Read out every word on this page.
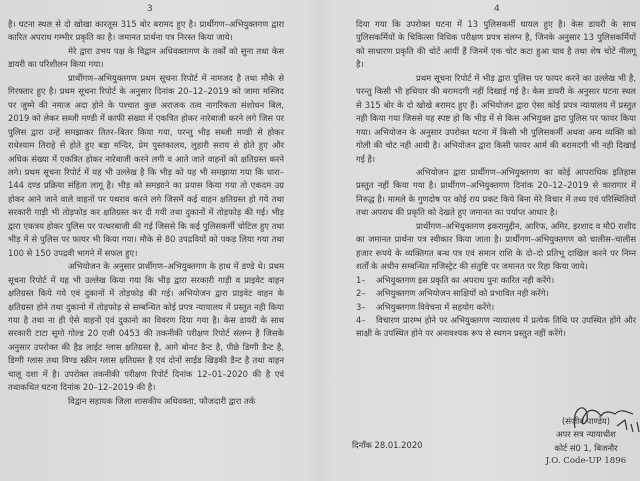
3

है। घटना स्थल से दो खोखा कारतूस 315 बोर बरामद हुए है। प्रार्थीगण–अभियुक्तगण द्वारा कारित अपराध गम्भीर प्रकृति का है। जमानत प्रार्थना पत्र निरस्त किया जाये।

मेरे द्वारा उभय पक्ष के विद्वान अधिवक्तागण के तर्कों को सुना तथा केस डायरी का परिशीलन किया गया।

प्रार्थीगण–अभियुक्तगण प्रथम सूचना रिपोर्ट में नामजद है तथा मौके से गिरफ्तार हुए है। प्रथम सूचना रिपोर्ट के अनुसार दिनांक 20–12–2019 को जामा मस्जिद पर जुम्मे की नमाज अदा होने के पश्चात कुछ अराजक तत्व नागरिकता संशोधन बिल, 2019 को लेकर सब्जी मण्डी में काफी संख्या में एकत्रित होकर नारेबाजी करने लगे जिस पर पुलिस द्वारा उन्हें समझाकर तितर–बितर किया गया, परन्तु भीड़ सब्जी मण्डी से होकर राधेश्याम तिराहे से होते हुए बड़ा मन्दिर, प्रेम पुस्तकालय, लुहारी सराय से होते हुए और अधिक संख्या में एकत्रित होकर नारेबाजी करने लगी व आते जाते वाहनों को क्षतिग्रस्त करने लगे। प्रथम सूचना रिपोर्ट में यह भी उल्लेख है कि भीड़ को यह भी समझाया गया कि धारा–144 दण्ड प्रक्रिया संहिता लागू है। भीड़ को समझाने का प्रयास किया गया तो एकदम उग्र होकर आने जाने वाले वाहनों पर पथराव करने लगे जिसमें कई वाहन क्षतिग्रस्त हो गये तथा सरकारी गाड़ी भी तोड़फोड़ कर क्षतिग्रस्त कर दी गयी तथा दुकानों में तोड़फोड़ की गई। भीड़ द्वारा एकत्रय होकर पुलिस पर पत्थरबाजी की गई जिससे कि कई पुलिसकर्मी चोटिल हुए तथा भीड़ में से पुलिस पर फायर भी किया गया। मौके से 80 उपद्रवियों को पकड़ लिया गया तथा 100 से 150 उपद्रवी भागने में सफल हुए।

अभियोजन के अनुसार प्रार्थीगण–अभियुक्तगण के हाथ में डण्डे थे। प्रथम सूचना रिपोर्ट में यह भी उल्लेख किया गया कि भीड़ द्वारा सरकारी गाड़ी व प्राइवेट वाहन क्षतिग्रस्त किये गये एवं दुकानों में तोड़फोड़ की गई। अभियोजन द्वारा प्राइवेट वाहन के क्षतिग्रस्त होने तथा दुकानो में तोड़फोड़ से सम्बन्धित कोई प्रपत्र न्यायालय में प्रस्तुत नही किया गया है तथा ना ही ऐसे वाहनों एवं दुकानो का विवरण दिया गया है। केस डायरी के साथ सरकारी टाटा सूमो गोल्ड 20 एजी 0453 की तकनीकी परीक्षण रिपोर्ट संलग्न है जिसके अनुसार उपरोक्त की हैड लाईट ग्लास क्षतिग्रस्त है, आगे बोनट डैन्ट है, पीछे डिग्गी डैन्ट है, डिग्गी ग्लास तथा विण्ड स्क्रीन ग्लास क्षतिग्रस्त है एवं दोनों साईड खिड़की डैन्ट है तथा वाहन चालू दशा में है। उपरोक्त तकनीकी परीक्षण रिपोर्ट दिनांक 12–01–2020 की है एवं तथाकथित घटना दिनांक 20–12–2019 की है।

विद्वान सहायक जिला शासकीय अधिवक्ता, फौजदारी द्वारा तर्क

4

दिया गया कि उपरोक्त घटना में 13 पुलिसकर्मी घायल हुए है। केस डायरी के साथ पुलिसकर्मियों के चिकित्सा विधिक परीक्षण प्रपत्र संलग्न है, जिनके अनुसार 13 पुलिसकर्मियों को साधारण प्रकृति की चोटें आयीं हैं जिनमें एक चोट कटा हुआ घाव है तथा शेष चोटें नीलगू है।

प्रथम सूचना रिपोर्ट में भीड़ द्वारा पुलिस पर फायर करने का उल्लेख भी है, परन्तु किसी भी हथियार की बरामदगी नहीं दिखाई गई है। केस डायरी के अनुसार घटना स्थल से 315 बोर के दो खोखे बरामद हुए हैं। अभियोजन द्वारा ऐसा कोई प्रपत्र न्यायालय में प्रस्तुत नही किया गया जिससे यह स्पष्ट हो कि भीड़ में से किस अभियुक्त द्वारा पुलिस पर फायर किया गया। अभियोजन के अनुसार उपरोक्त घटना में किसी भी पुलिसकर्मी अथवा अन्य व्यक्ति को गोली की चोट नही आयी है। अभियोजन द्वारा किसी फायर आर्म की बरामदगी भी नही दिखाई गई है।

अभियोजन द्वारा प्रार्थीगण–अभियुक्तगण का कोई आपराधिक इतिहास प्रस्तुत नहीं किया गया है। प्रार्थीगण–अभियुक्तगण दिनांक 20–12–2019 से कारागार में निरुद्ध है। मामले के गुणदोष पर कोई राय प्रकट किये बिना मेरे विचार में तथ्य एवं परिस्थितियों तथा अपराध की प्रकृति को देखते हुए जमानत का पर्याप्त आधार है।

प्रार्थीगण–अभियुक्तगण इकरामुद्दीन, आरिफ, अमिर, इरशाद व मौ0 राशीद का जमानत प्रार्थना पत्र स्वीकार किया जाता है। प्रार्थीगण–अभियुक्तगण को चालीस–चालीस हजार रूपये के व्यक्तिगत बन्ध पत्र एवं समान राशि के दो–दो प्रतिभू दाखिल करने पर निम्न शर्तों के अधीन सम्बन्धित मजिस्ट्रेट की संतुष्टि पर जमानत पर रिहा किया जाये।

1– अभियुक्तगण इस प्रकृति का अपराध पुनः कारित नही करेंगे।

2– अभियुक्तगण अभियोजन साक्षियों को प्रभावित नही करेंगे।

3– अभियुक्तगण विवेचना में सहयोग करेंगे।

4– विचारण प्रारम्भ होने पर अभियुक्तगण न्यायालय में प्रत्येक तिथि पर उपस्थित होंगे और साक्षी के उपस्थित होने पर अनावश्यक रूप से स्थगन प्रस्तुत नहीं करेंगे।

दिनाँक 28.01.2020
(संजीव पाण्डेय)
अपर सत्र न्यायाधीश
कोर्ट सं0 1, बिजनौर
J.O. Code-UP 1896
